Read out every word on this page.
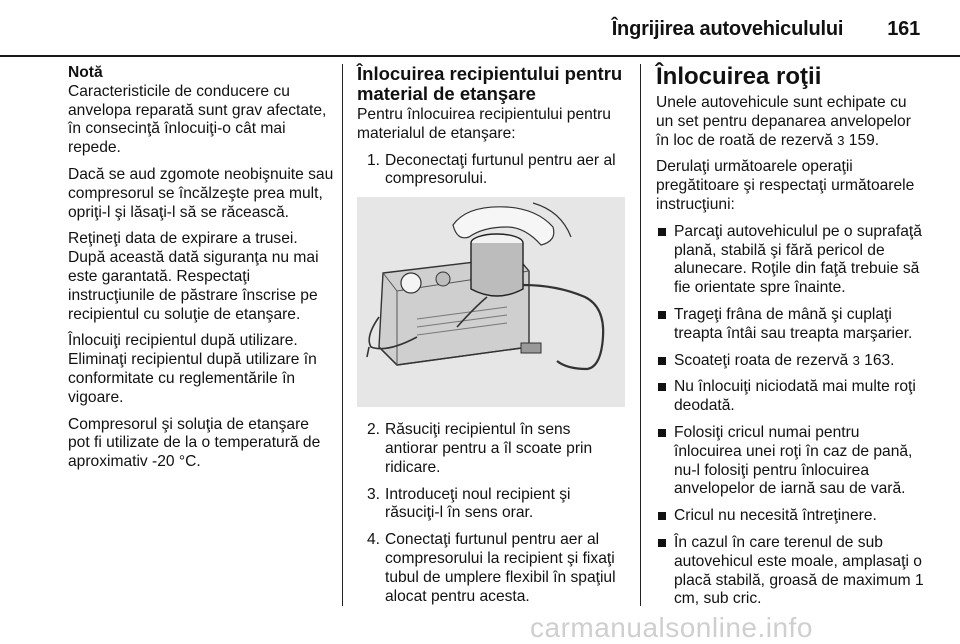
Îngrijirea autovehiculului 161

Notă

Caracteristicile de conducere cu anvelopa reparată sunt grav afectate, în consecinţă înlocuiţi-o cât mai repede.

Dacă se aud zgomote neobişnuite sau compresorul se încălzeşte prea mult, opriţi-l şi lăsaţi-l să se răcească.

Reţineţi data de expirare a trusei. După această dată siguranţa nu mai este garantată. Respectaţi instrucţiunile de păstrare înscrise pe recipientul cu soluţie de etanşare.

Înlocuiţi recipientul după utilizare. Eliminaţi recipientul după utilizare în conformitate cu reglementările în vigoare.

Compresorul şi soluţia de etanşare pot fi utilizate de la o temperatură de aproximativ -20 °C.

Înlocuirea recipientului pentru material de etanşare

Pentru înlocuirea recipientului pentru materialul de etanşare:

1. Deconectaţi furtunul pentru aer al compresorului.
2. Răsuciţi recipientul în sens antiorar pentru a îl scoate prin ridicare.
3. Introduceţi noul recipient şi răsuciţi-l în sens orar.
4. Conectaţi furtunul pentru aer al compresorului la recipient şi fixaţi tubul de umplere flexibil în spaţiul alocat pentru acesta.
Înlocuirea roţii

Unele autovehicule sunt echipate cu un set pentru depanarea anvelopelor în loc de roată de rezervă 3 159.

Derulaţi următoarele operaţii pregătitoare şi respectaţi următoarele instrucţiuni:

Parcaţi autovehiculul pe o suprafaţă plană, stabilă şi fără pericol de alunecare. Roţile din faţă trebuie să fie orientate spre înainte.
Trageţi frâna de mână şi cuplaţi treapta întâi sau treapta marşarier.
Scoateţi roata de rezervă 3 163.
Nu înlocuiţi niciodată mai multe roţi deodată.
Folosiţi cricul numai pentru înlocuirea unei roţi în caz de pană, nu-l folosiţi pentru înlocuirea anvelopelor de iarnă sau de vară.
Cricul nu necesită întreţinere.
În cazul în care terenul de sub autovehicul este moale, amplasaţi o placă stabilă, groasă de maximum 1 cm, sub cric.
carmanualsonline.info
